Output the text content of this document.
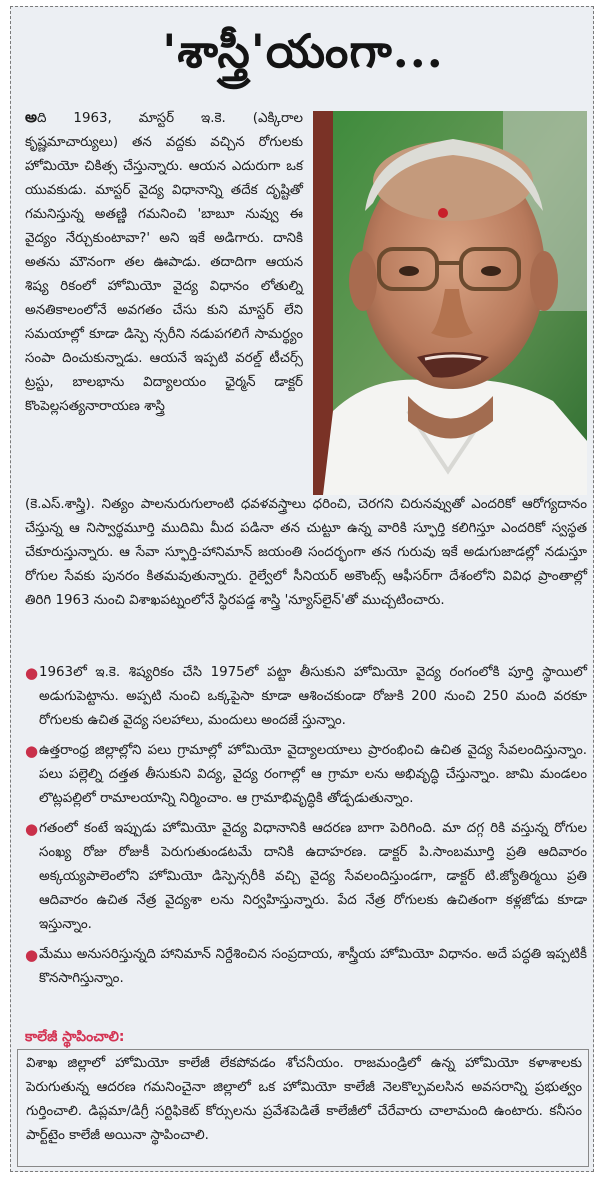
'శాస్త్రీ'యంగా...

అది 1963, మాస్టర్ ఇ.కె. (ఎక్కిరాల కృష్ణమాచార్యులు) తన వద్దకు వచ్చిన రోగులకు హోమియో చికిత్స చేస్తున్నారు. ఆయన ఎదురుగా ఒక యువకుడు. మాస్టర్ వైద్య విధానాన్ని తదేక దృష్టితో గమనిస్తున్న అతణ్ణి గమనించి 'బాబూ నువ్వు ఈ వైద్యం నేర్చుకుంటావా?' అని ఇకే అడిగారు. దానికి అతను మౌనంగా తల ఊపాడు. తదాదిగా ఆయన శిష్య రికంలో హోమియో వైద్య విధానం లోతుల్ని అనతికాలంలోనే అవగతం చేసు కుని మాస్టర్ లేని సమయాల్లో కూడా డిస్పె న్సరీని నడుపగలిగే సామర్థ్యం సంపా దించుకున్నాడు. ఆయనే ఇప్పటి వరల్డ్ టీచర్స్ ట్రస్టు, బాలభాను విద్యాలయం ఛైర్మన్ డాక్టర్ కొంపెల్లసత్యనారాయణ శాస్త్రి

(కె.ఎస్.శాస్త్రి). నిత్యం పాలనురుగులాంటి ధవళవస్త్రాలు ధరించి, చెరగని చిరునవ్వుతో ఎందరికో ఆరోగ్యదానం చేస్తున్న ఆ నిస్వార్థమూర్తి ముదిమి మీద పడినా తన చుట్టూ ఉన్న వారికి స్ఫూర్తి కలిగిస్తూ ఎందరికో స్వస్థత చేకూరుస్తున్నారు. ఆ సేవా స్ఫూర్తి-హానిమాన్ జయంతి సందర్భంగా తన గురువు ఇకే అడుగుజాడల్లో నడుస్తూ రోగుల సేవకు పునరం కితమవుతున్నారు. రైల్వేలో సీనియర్ అకౌంట్స్ ఆఫీసర్‌గా దేశంలోని వివిధ ప్రాంతాల్లో తిరిగి 1963 నుంచి విశాఖపట్నంలోనే స్థిరపడ్డ శాస్త్రి 'న్యూస్‌లైన్'తో ముచ్చటించారు.

● 1963లో ఇ.కె. శిష్యరికం చేసి 1975లో పట్టా తీసుకుని హోమియో వైద్య రంగంలోకి పూర్తి స్థాయిలో అడుగుపెట్టాను. అప్పటి నుంచి ఒక్కపైసా కూడా ఆశించకుండా రోజుకి 200 నుంచి 250 మంది వరకూ రోగులకు ఉచిత వైద్య సలహాలు, మందులు అందజే స్తున్నాం.
● ఉత్తరాంధ్ర జిల్లాల్లోని పలు గ్రామాల్లో హోమియో వైద్యాలయాలు ప్రారంభించి ఉచిత వైద్య సేవలందిస్తున్నాం. పలు పల్లెల్ని దత్తత తీసుకుని విద్య, వైద్య రంగాల్లో ఆ గ్రామా లను అభివృద్ధి చేస్తున్నాం. జామి మండలం లొట్లపల్లిలో రామాలయాన్ని నిర్మించాం. ఆ గ్రామాభివృద్ధికి తోడ్పడుతున్నాం.
● గతంలో కంటే ఇప్పుడు హోమియో వైద్య విధానానికి ఆదరణ బాగా పెరిగింది. మా దగ్గ రికి వస్తున్న రోగుల సంఖ్య రోజు రోజుకీ పెరుగుతుండటమే దానికి ఉదాహరణ. డాక్టర్ పి.సాంబమూర్తి ప్రతి ఆదివారం అక్కయ్యపాలెంలోని హోమియో డిస్పెన్సరీకి వచ్చి వైద్య సేవలందిస్తుండగా, డాక్టర్ టి.జ్యోతిర్మయి ప్రతి ఆదివారం ఉచిత నేత్ర వైద్యశా లను నిర్వహిస్తున్నారు. పేద నేత్ర రోగులకు ఉచితంగా కళ్లజోడు కూడా ఇస్తున్నాం.
● మేము అనుసరిస్తున్నది హానిమాన్ నిర్దేశించిన సంప్రదాయ, శాస్త్రీయ హోమియో విధానం. అదే పద్ధతి ఇప్పటికీ కొనసాగిస్తున్నాం.
కాలేజీ స్థాపించాలి:

విశాఖ జిల్లాలో హోమియో కాలేజీ లేకపోవడం శోచనీయం. రాజమండ్రిలో ఉన్న హోమియో కళాశాలకు పెరుగుతున్న ఆదరణ గమనించైనా జిల్లాలో ఒక హోమియో కాలేజీ నెలకొల్పవలసిన అవసరాన్ని ప్రభుత్వం గుర్తించాలి. డిప్లమా/డిగ్రీ సర్టిఫికెట్ కోర్సులను ప్రవేశపెడితే కాలేజీలో చేరేవారు చాలామంది ఉంటారు. కనీసం పార్ట్‌టైం కాలేజీ అయినా స్థాపించాలి.
